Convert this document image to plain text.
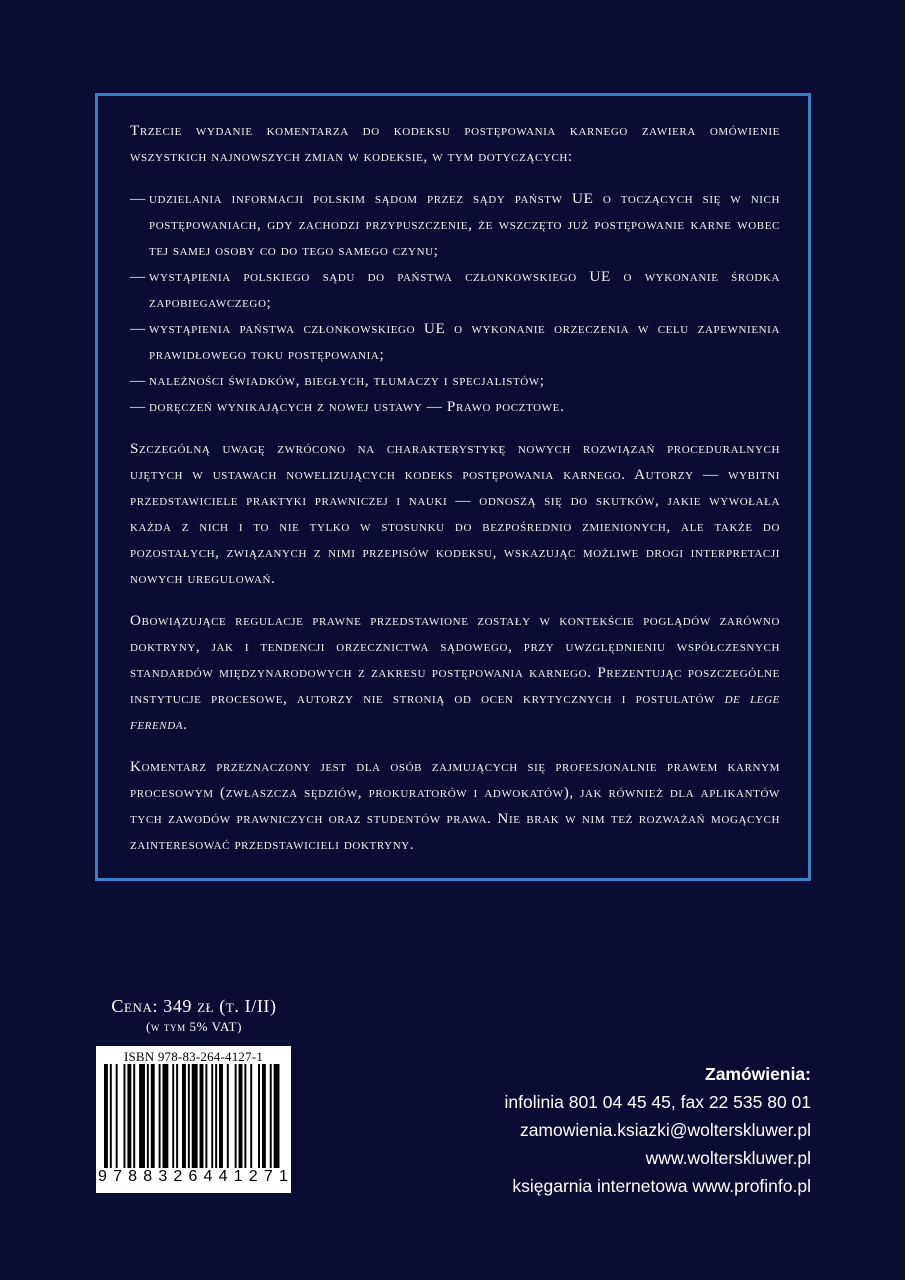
Trzecie wydanie komentarza do kodeksu postępowania karnego zawiera omówienie wszystkich najnowszych zmian w kodeksie, w tym dotyczących:

— udzielania informacji polskim sądom przez sądy państw UE o toczących się w nich postępowaniach, gdy zachodzi przypuszczenie, że wszczęto już postępowanie karne wobec tej samej osoby co do tego samego czynu;
— wystąpienia polskiego sądu do państwa członkowskiego UE o wykonanie środka zapobiegawczego;
— wystąpienia państwa członkowskiego UE o wykonanie orzeczenia w celu zapewnienia prawidłowego toku postępowania;
— należności świadków, biegłych, tłumaczy i specjalistów;
— doręczeń wynikających z nowej ustawy — Prawo pocztowe.

Szczególną uwagę zwrócono na charakterystykę nowych rozwiązań proceduralnych ujętych w ustawach nowelizujących kodeks postępowania karnego. Autorzy — wybitni przedstawiciele praktyki prawniczej i nauki — odnoszą się do skutków, jakie wywołała każda z nich i to nie tylko w stosunku do bezpośrednio zmienionych, ale także do pozostałych, związanych z nimi przepisów kodeksu, wskazując możliwe drogi interpretacji nowych uregulowań.

Obowiązujące regulacje prawne przedstawione zostały w kontekście poglądów zarówno doktryny, jak i tendencji orzecznictwa sądowego, przy uwzględnieniu współczesnych standardów międzynarodowych z zakresu postępowania karnego. Prezentując poszczególne instytucje procesowe, autorzy nie stronią od ocen krytycznych i postulatów de lege ferenda.

Komentarz przeznaczony jest dla osób zajmujących się profesjonalnie prawem karnym procesowym (zwłaszcza sędziów, prokuratorów i adwokatów), jak również dla aplikantów tych zawodów prawniczych oraz studentów prawa. Nie brak w nim też rozważań mogących zainteresować przedstawicieli doktryny.

Cena: 349 zł (t. I/II)
(w tym 5% VAT)
ISBN 978-83-264-4127-1
9 7 8 8 3 2 6 4 4 1 2 7 1
Zamówienia:
infolinia 801 04 45 45, fax 22 535 80 01
zamowienia.ksiazki@wolterskluwer.pl
www.wolterskluwer.pl
księgarnia internetowa www.profinfo.pl
